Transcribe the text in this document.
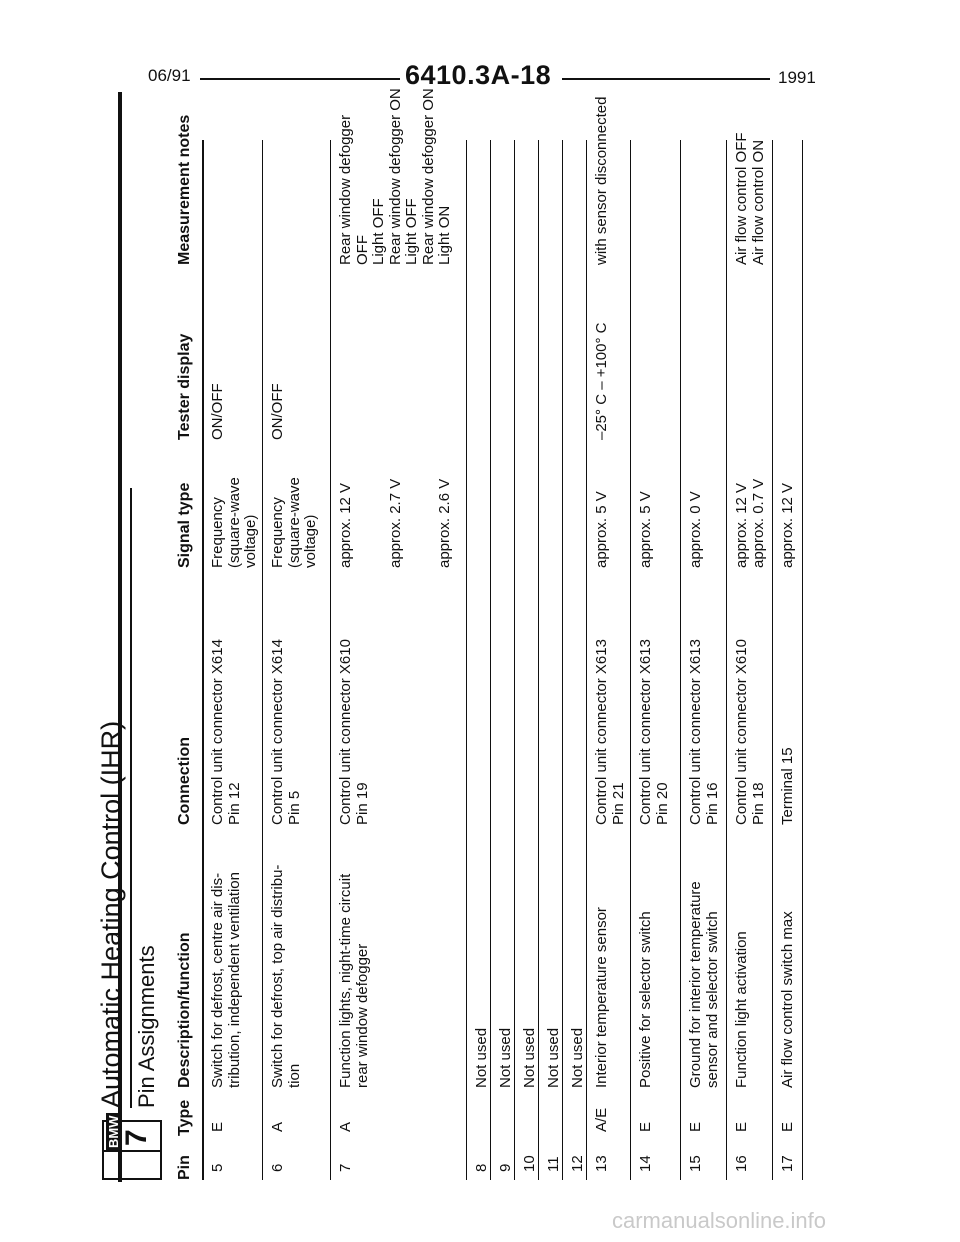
06/91	6410.3A-18	1991
BMW 7
Automatic Heating Control (IHR) Pin Assignments
Pin
Type
Description/function
Connection
Signal type
Tester display
Measurement notes
5
E
Switch for defrost, centre air dis-
tribution, independent ventilation
Control unit connector X614
Pin 12
Frequency
(square-wave
voltage)
ON/OFF
6
A
Switch for defrost, top air distribu-
tion
Control unit connector X614
Pin 5
Frequency
(square-wave
voltage)
ON/OFF
7
A
Function lights, night-time circuit
rear window defogger
Control unit connector X610
Pin 19
approx. 12 V

approx. 2.7 V

approx. 2.6 V
Rear window defogger
OFF
Light OFF
Rear window defogger ON
Light OFF
Rear window defogger ON
Light ON
8
Not used
9
Not used
10
Not used
11
Not used
12
Not used
13
A/E
Interior temperature sensor
Control unit connector X613
Pin 21
approx. 5 V
–25° C – +100° C
with sensor disconnected
14
E
Positive for selector switch
Control unit connector X613
Pin 20
approx. 5 V
15
E
Ground for interior temperature
sensor and selector switch
Control unit connector X613
Pin 16
approx. 0 V
16
E
Function light activation
Control unit connector X610
Pin 18
approx. 12 V
approx. 0.7 V
Air flow control OFF
Air flow control ON
17
E
Air flow control switch max
Terminal 15
approx. 12 V
carmanualsonline.info
